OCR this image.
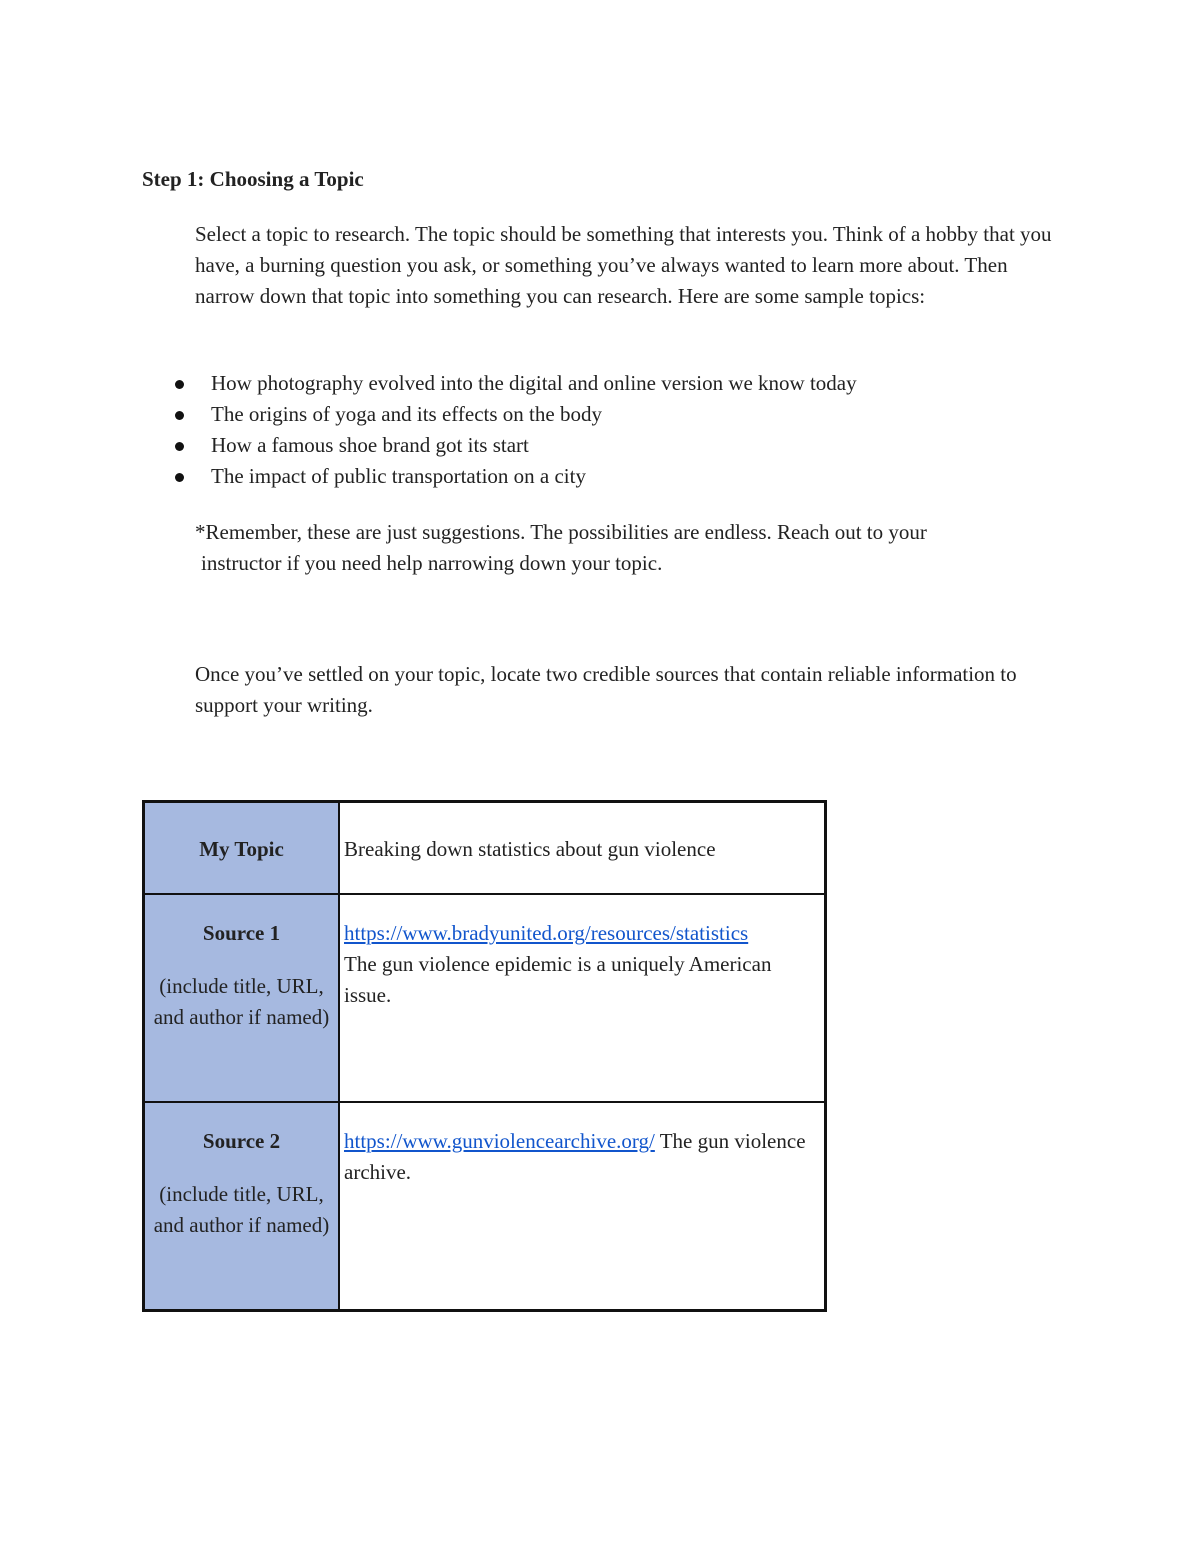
Step 1: Choosing a Topic

Select a topic to research. The topic should be something that interests you. Think of a hobby that you have, a burning question you ask, or something you’ve always wanted to learn more about. Then narrow down that topic into something you can research. Here are some sample topics:

How photography evolved into the digital and online version we know today
The origins of yoga and its effects on the body
How a famous shoe brand got its start
The impact of public transportation on a city

*Remember, these are just suggestions. The possibilities are endless. Reach out to your
instructor if you need help narrowing down your topic.

Once you’ve settled on your topic, locate two credible sources that contain reliable information to support your writing.

My Topic	Breaking down statistics about gun violence

Source 1
(include title, URL, and author if named)	https://www.bradyunited.org/resources/statistics
The gun violence epidemic is a uniquely American issue.

Source 2
(include title, URL, and author if named)	https://www.gunviolencearchive.org/ The gun violence archive.
